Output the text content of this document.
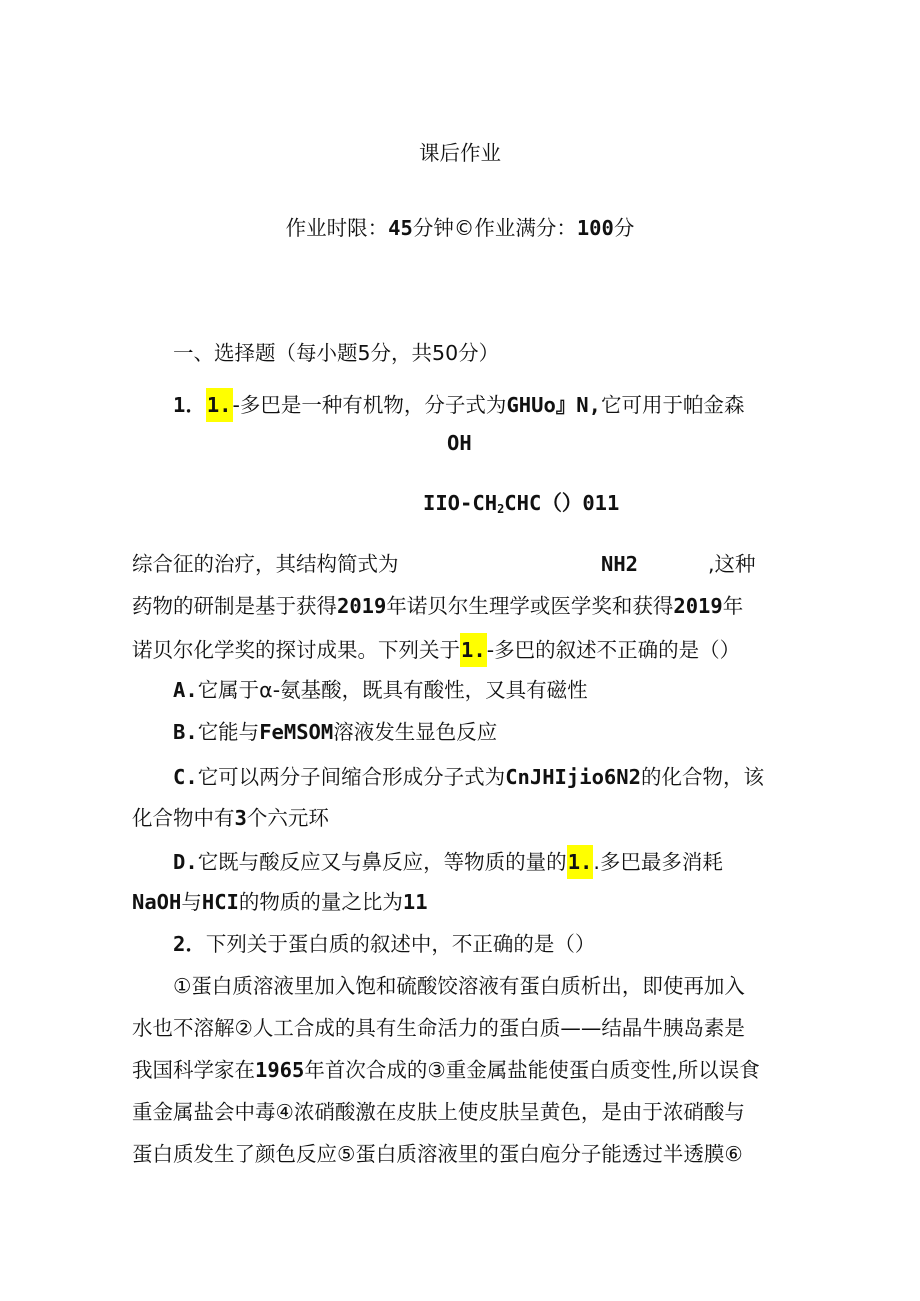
课后作业
作业时限：45分钟©作业满分：100分
一、选择题（每小题5分，共50分）
1．1.-多巴是一种有机物，分子式为GHUo』N,它可用于帕金森
OH
IIO-$CH_2CHC()011$
综合征的治疗，其结构简式为	NH2	,这种
药物的研制是基于获得2019年诺贝尔生理学或医学奖和获得2019年
诺贝尔化学奖的探讨成果。下列关于1.-多巴的叙述不正确的是（）
A.它属于α-氨基酸，既具有酸性，又具有磁性
B.它能与FeMSOM溶液发生显色反应
C.它可以两分子间缩合形成分子式为CnJHIjio6N2的化合物，该
化合物中有3个六元环
D.它既与酸反应又与鼻反应，等物质的量的1..多巴最多消耗
NaOH与HCI的物质的量之比为11
2．下列关于蛋白质的叙述中，不正确的是（）
①蛋白质溶液里加入饱和硫酸饺溶液有蛋白质析出，即使再加入
水也不溶解②人工合成的具有生命活力的蛋白质——结晶牛胰岛素是
我国科学家在1965年首次合成的③重金属盐能使蛋白质变性,所以误食
重金属盐会中毒④浓硝酸激在皮肤上使皮肤呈黄色，是由于浓硝酸与
蛋白质发生了颜色反应⑤蛋白质溶液里的蛋白庖分子能透过半透膜⑥
